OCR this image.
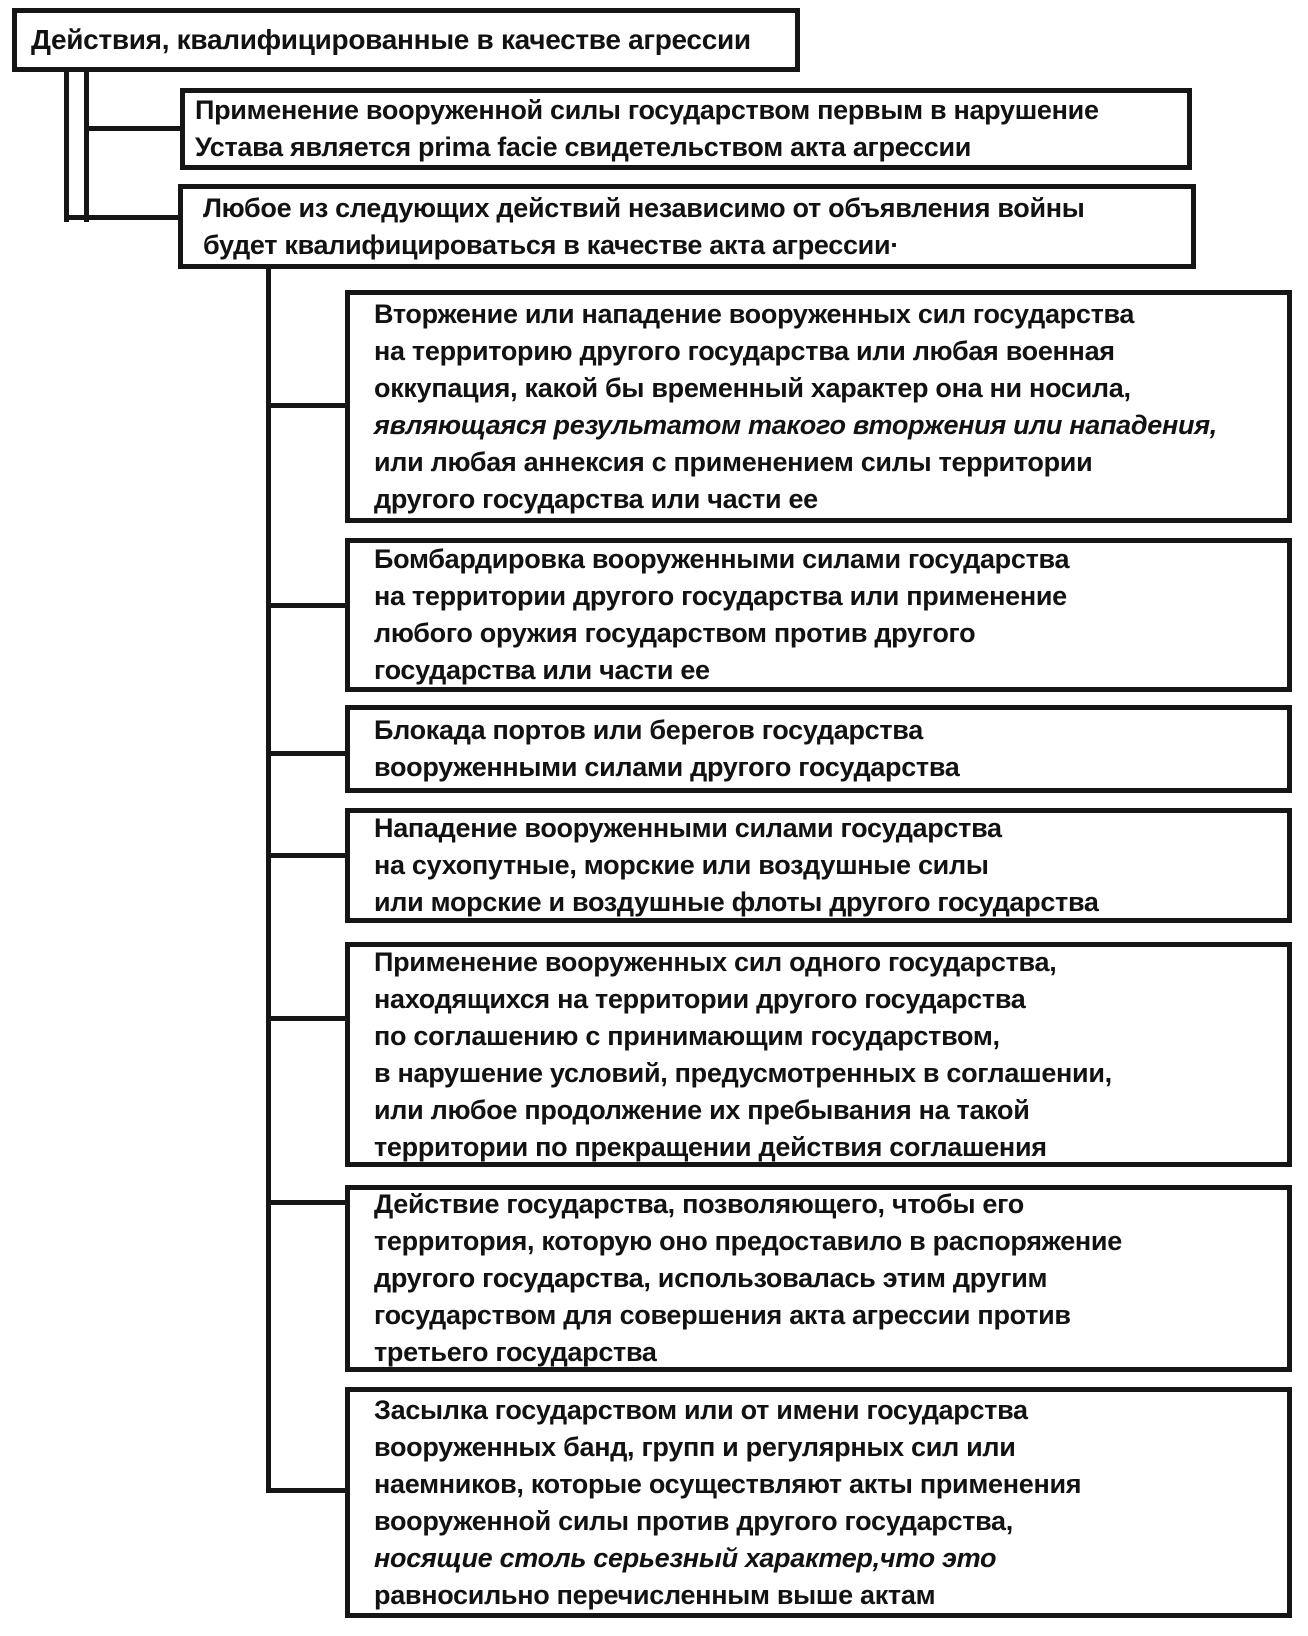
Действия, квалифицированные в качестве агрессии
Применение вооруженной силы государством первым в нарушение
Устава является prima facie свидетельством акта агрессии
Любое из следующих действий независимо от объявления войны
будет квалифицироваться в качестве акта агрессии·
Вторжение или нападение вооруженных сил государства
на территорию другого государства или любая военная
оккупация, какой бы временный характер она ни носила,
являющаяся результатом такого вторжения или нападения,
или любая аннексия с применением силы территории
другого государства или части ее
Бомбардировка вооруженными силами государства
на территории другого государства или применение
любого оружия государством против другого
государства или части ее
Блокада портов или берегов государства
вооруженными силами другого государства
Нападение вооруженными силами государства
на сухопутные, морские или воздушные силы
или морские и воздушные флоты другого государства
Применение вооруженных сил одного государства,
находящихся на территории другого государства
по соглашению с принимающим государством,
в нарушение условий, предусмотренных в соглашении,
или любое продолжение их пребывания на такой
территории по прекращении действия соглашения
Действие государства, позволяющего, чтобы его
территория, которую оно предоставило в распоряжение
другого государства, использовалась этим другим
государством для совершения акта агрессии против
третьего государства
Засылка государством или от имени государства
вооруженных банд, групп и регулярных сил или
наемников, которые осуществляют акты применения
вооруженной силы против другого государства,
носящие столь серьезный характер,что это
равносильно перечисленным выше актам
